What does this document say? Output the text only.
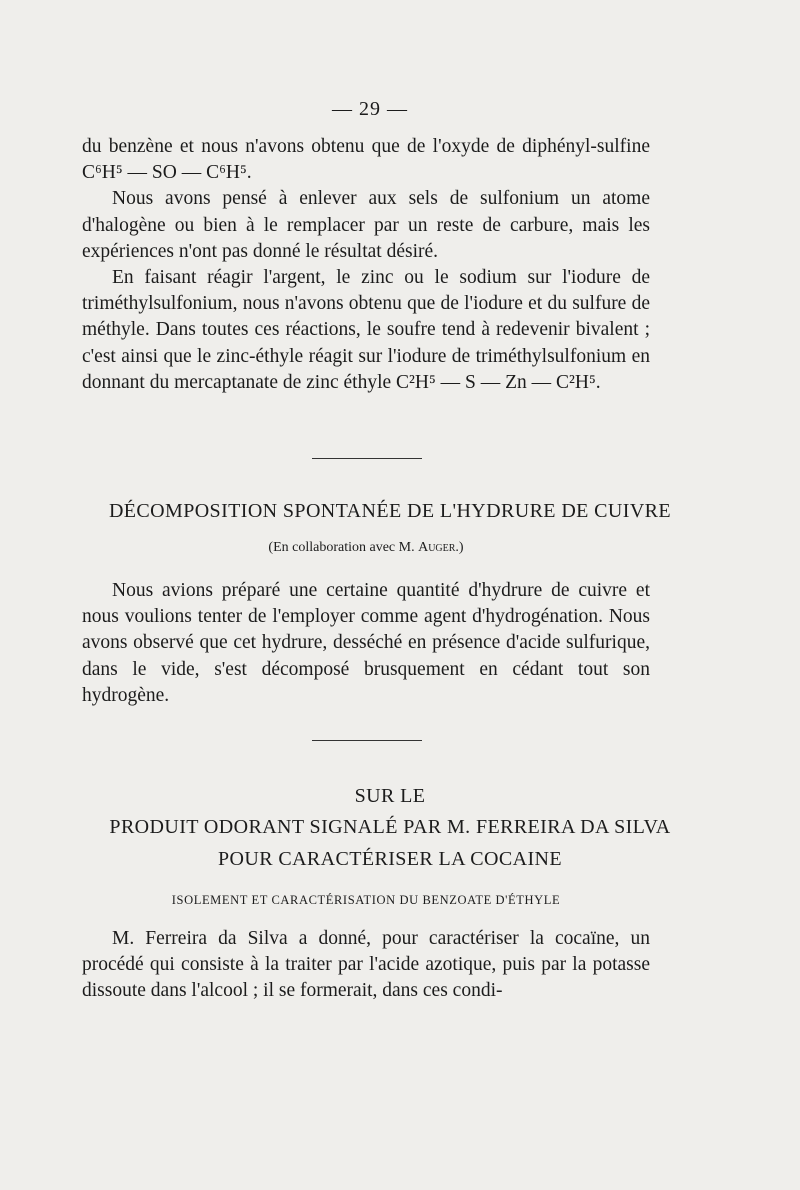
— 29 —

du benzène et nous n'avons obtenu que de l'oxyde de diphényl-sulfine C⁶H⁵ — SO — C⁶H⁵.

Nous avons pensé à enlever aux sels de sulfonium un atome d'halogène ou bien à le remplacer par un reste de carbure, mais les expériences n'ont pas donné le résultat désiré.

En faisant réagir l'argent, le zinc ou le sodium sur l'iodure de triméthylsulfonium, nous n'avons obtenu que de l'iodure et du sulfure de méthyle. Dans toutes ces réactions, le soufre tend à redevenir bivalent ; c'est ainsi que le zinc-éthyle réagit sur l'iodure de triméthylsulfonium en donnant du mercaptanate de zinc éthyle C²H⁵ — S — Zn — C²H⁵.

DÉCOMPOSITION SPONTANÉE DE L'HYDRURE DE CUIVRE
(En collaboration avec M. Auger.)

Nous avions préparé une certaine quantité d'hydrure de cuivre et nous voulions tenter de l'employer comme agent d'hydrogénation. Nous avons observé que cet hydrure, desséché en présence d'acide sulfurique, dans le vide, s'est décomposé brusquement en cédant tout son hydrogène.

SUR LE
PRODUIT ODORANT SIGNALÉ PAR M. FERREIRA DA SILVA
POUR CARACTÉRISER LA COCAINE
ISOLEMENT ET CARACTÉRISATION DU BENZOATE D'ÉTHYLE

M. Ferreira da Silva a donné, pour caractériser la cocaïne, un procédé qui consiste à la traiter par l'acide azotique, puis par la potasse dissoute dans l'alcool ; il se formerait, dans ces condi-
